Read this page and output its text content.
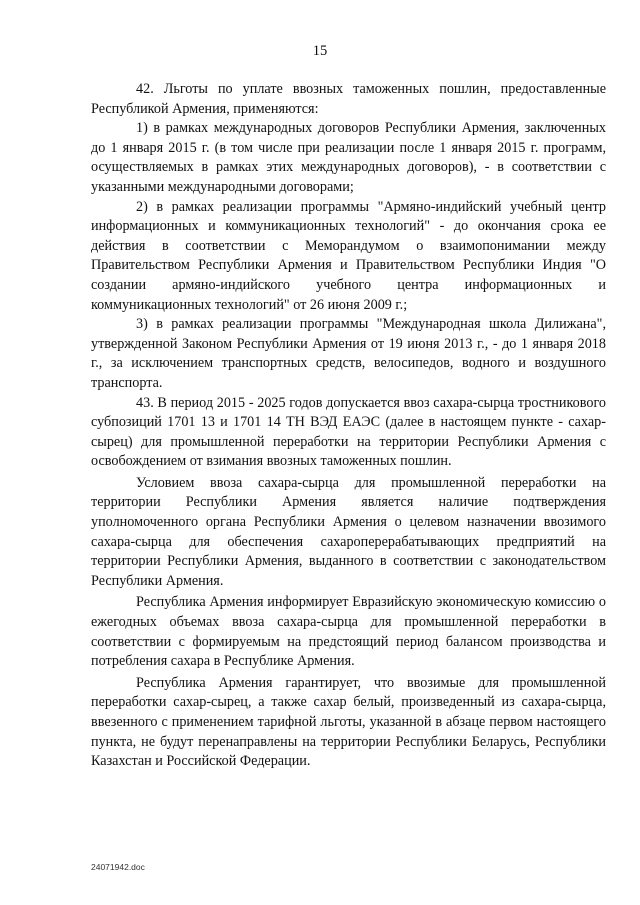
15

42. Льготы по уплате ввозных таможенных пошлин, предоставленные Республикой Армения, применяются:

1) в рамках международных договоров Республики Армения, заключенных до 1 января 2015 г. (в том числе при реализации после 1 января 2015 г. программ, осуществляемых в рамках этих международных договоров), - в соответствии с указанными международными договорами;

2) в рамках реализации программы "Армяно-индийский учебный центр информационных и коммуникационных технологий" - до окончания срока ее действия в соответствии с Меморандумом о взаимопонимании между Правительством Республики Армения и Правительством Республики Индия "О создании армяно-индийского учебного центра информационных и коммуникационных технологий" от 26 июня 2009 г.;

3) в рамках реализации программы "Международная школа Дилижана", утвержденной Законом Республики Армения от 19 июня 2013 г., - до 1 января 2018 г., за исключением транспортных средств, велосипедов, водного и воздушного транспорта.

43. В период 2015 - 2025 годов допускается ввоз сахара-сырца тростникового субпозиций 1701 13 и 1701 14 ТН ВЭД ЕАЭС (далее в настоящем пункте - сахар-сырец) для промышленной переработки на территории Республики Армения с освобождением от взимания ввозных таможенных пошлин.

Условием ввоза сахара-сырца для промышленной переработки на территории Республики Армения является наличие подтверждения уполномоченного органа Республики Армения о целевом назначении ввозимого сахара-сырца для обеспечения сахароперерабатывающих предприятий на территории Республики Армения, выданного в соответствии с законодательством Республики Армения.

Республика Армения информирует Евразийскую экономическую комиссию о ежегодных объемах ввоза сахара-сырца для промышленной переработки в соответствии с формируемым на предстоящий период балансом производства и потребления сахара в Республике Армения.

Республика Армения гарантирует, что ввозимые для промышленной переработки сахар-сырец, а также сахар белый, произведенный из сахара-сырца, ввезенного с применением тарифной льготы, указанной в абзаце первом настоящего пункта, не будут перенаправлены на территории Республики Беларусь, Республики Казахстан и Российской Федерации.

24071942.doc
